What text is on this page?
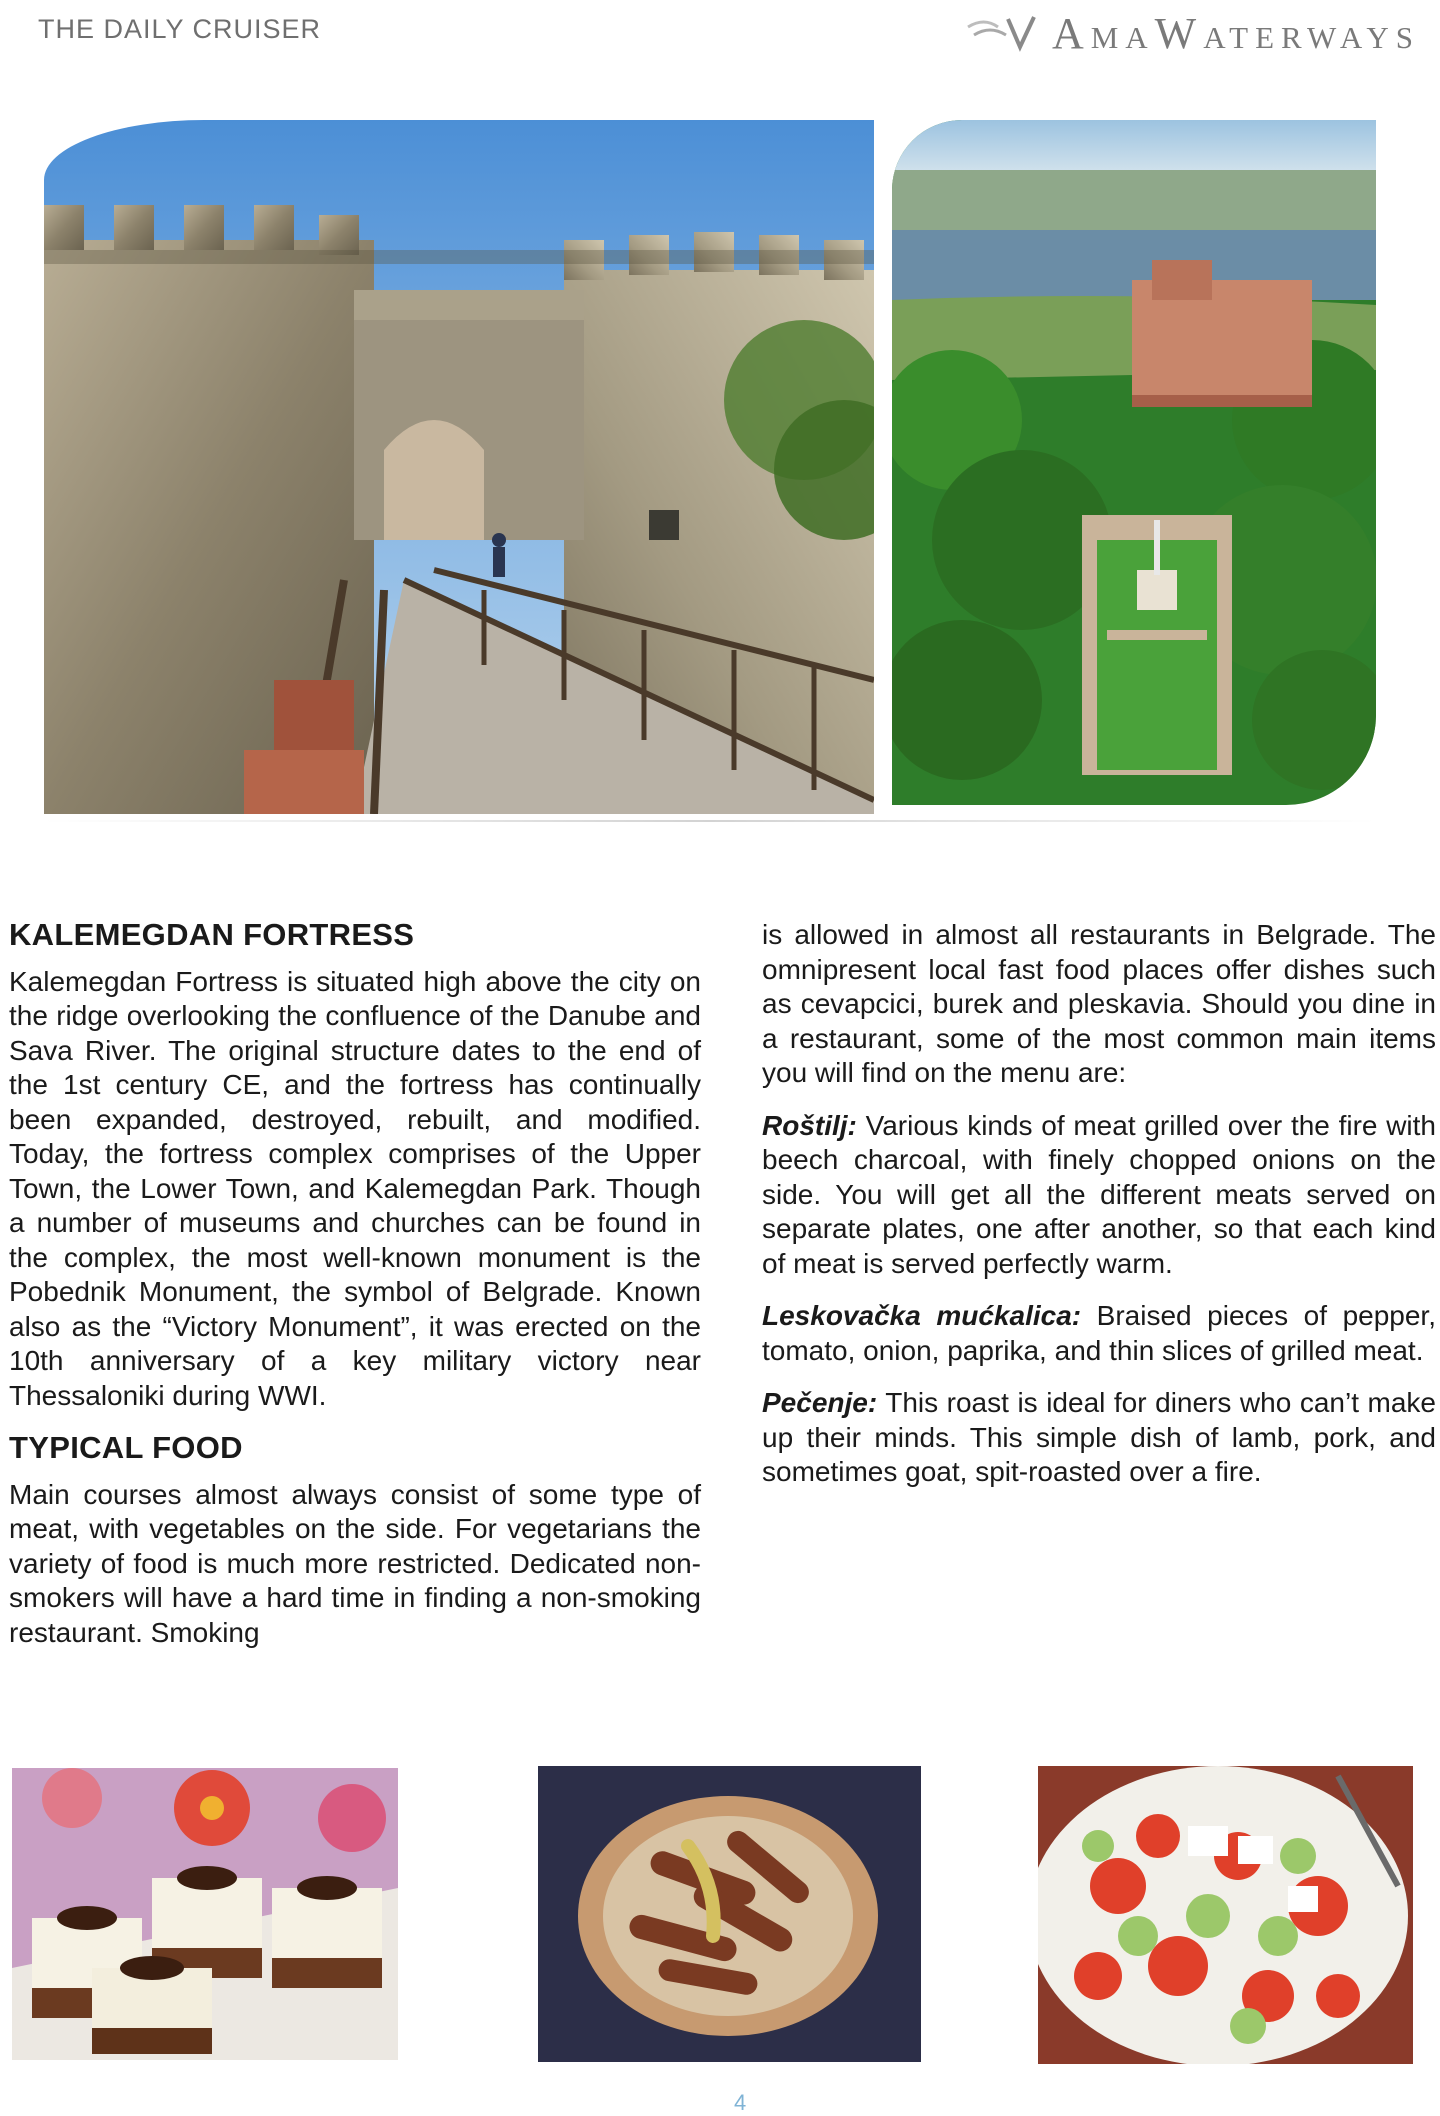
THE DAILY CRUISER	AmaWaterways
KALEMEGDAN FORTRESS

Kalemegdan Fortress is situated high above the city on the ridge overlooking the confluence of the Danube and Sava River. The original structure dates to the end of the 1st century CE, and the fortress has continually been expanded, destroyed, rebuilt, and modified. Today, the fortress complex comprises of the Upper Town, the Lower Town, and Kalemegdan Park. Though a number of museums and churches can be found in the complex, the most well-known monument is the Pobednik Monument, the symbol of Belgrade. Known also as the “Victory Monument”, it was erected on the 10th anniversary of a key military victory near Thessaloniki during WWI.

TYPICAL FOOD

Main courses almost always consist of some type of meat, with vegetables on the side. For vegetarians the variety of food is much more restricted. Dedicated non-smokers will have a hard time in finding a non-smoking restaurant. Smoking

is allowed in almost all restaurants in Belgrade. The omnipresent local fast food places offer dishes such as cevapcici, burek and pleskavia. Should you dine in a restaurant, some of the most common main items you will find on the menu are:

Roštilj: Various kinds of meat grilled over the fire with beech charcoal, with finely chopped onions on the side. You will get all the different meats served on separate plates, one after another, so that each kind of meat is served perfectly warm.

Leskovačka mućkalica: Braised pieces of pepper, tomato, onion, paprika, and thin slices of grilled meat.

Pečenje: This roast is ideal for diners who can’t make up their minds. This simple dish of lamb, pork, and sometimes goat, spit-roasted over a fire.

4
